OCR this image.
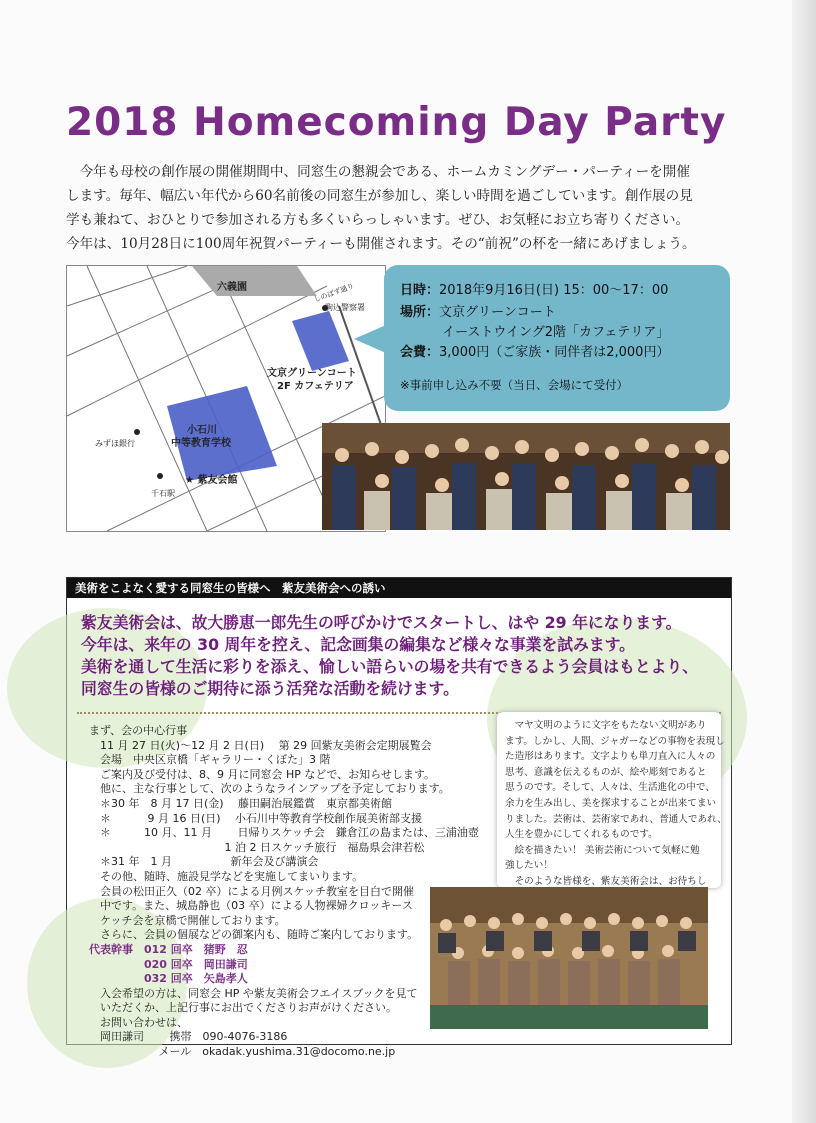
2018 Homecoming Day Party
　今年も母校の創作展の開催期間中、同窓生の懇親会である、ホームカミングデー・パーティーを開催
します。毎年、幅広い年代から60名前後の同窓生が参加し、楽しい時間を過ごしています。創作展の見
学も兼ねて、おひとりで参加される方も多くいらっしゃいます。ぜひ、お気軽にお立ち寄りください。
今年は、10月28日に100周年祝賀パーティーも開催されます。その“前祝”の杯を一緒にあげましょう。
六義園
駒込警察署
文京グリーンコート
2F カフェテリア
小石川
中等教育学校
★ 紫友会館
みずほ銀行
千石駅
しのばず通り	日時：2018年9月16日(日) 15：00〜17：00
場所：文京グリーンコート
イーストウイング2階「カフェテリア」
会費：3,000円（ご家族・同伴者は2,000円）
※事前申し込み不要（当日、会場にて受付）
美術をこよなく愛する同窓生の皆様へ　紫友美術会への誘い
紫友美術会は、故大勝恵一郎先生の呼びかけでスタートし、はや 29 年になります。
今年は、来年の 30 周年を控え、記念画集の編集など様々な事業を試みます。
美術を通して生活に彩りを添え、愉しい語らいの場を共有できるよう会員はもとより、
同窓生の皆様のご期待に添う活発な活動を続けます。
まず、会の中心行事
　11 月 27 日(火)〜12 月 2 日(日)　 第 29 回紫友美術会定期展覧会
　会場　中央区京橋「ギャラリー・くぼた」3 階
　ご案内及び受付は、8、9 月に同窓会 HP などで、お知らせします。
　他に、主な行事として、次のようなラインアップを予定しております。
　＊30 年　8 月 17 日(金)　 藤田嗣治展鑑賞　東京都美術館
　＊　　　 9 月 16 日(日)　 小石川中等教育学校創作展美術部支援
　＊　　　10 月、11 月　　 日帰りスケッチ会　鎌倉江の島または、三浦油壺
　　　　　　　　　　　　 1 泊 2 日スケッチ旅行　福島県会津若松
　＊31 年　1 月　　　　　 新年会及び講演会
　その他、随時、施設見学などを実施してまいります。
　会員の松田正久（02 卒）による月例スケッチ教室を目白で開催
　中です。また、城島静也（03 卒）による人物裸婦クロッキース
　ケッチ会を京橋で開催しております。
　さらに、会員の個展などの御案内も、随時ご案内しております。
代表幹事　012 回卒　猪野　忍
　020 回卒　岡田謙司
　032 回卒　矢島孝人
　入会希望の方は、同窓会 HP や紫友美術会フエイスブックを見て
　いただくか、上記行事にお出でくださりお声がけください。
　お問い合わせは、
　岡田謙司　　 携帯　090-4076-3186
　　　　　　 メール　okadak.yushima.31@docomo.ne.jp
　マヤ文明のように文字をもたない文明があり
ます。しかし、人間、ジャガーなどの事物を表現し
た造形はあります。文字よりも単刀直入に人々の
思考、意識を伝えるものが、絵や彫刻であると
思うのです。そして、人々は、生活進化の中で、
余力を生み出し、美を探求することが出来てまい
りました。芸術は、芸術家であれ、普通人であれ、
人生を豊かにしてくれるものです。
　絵を描きたい！ 美術芸術について気軽に勉
強したい！
　そのような皆様を、紫友美術会は、お待ちし
